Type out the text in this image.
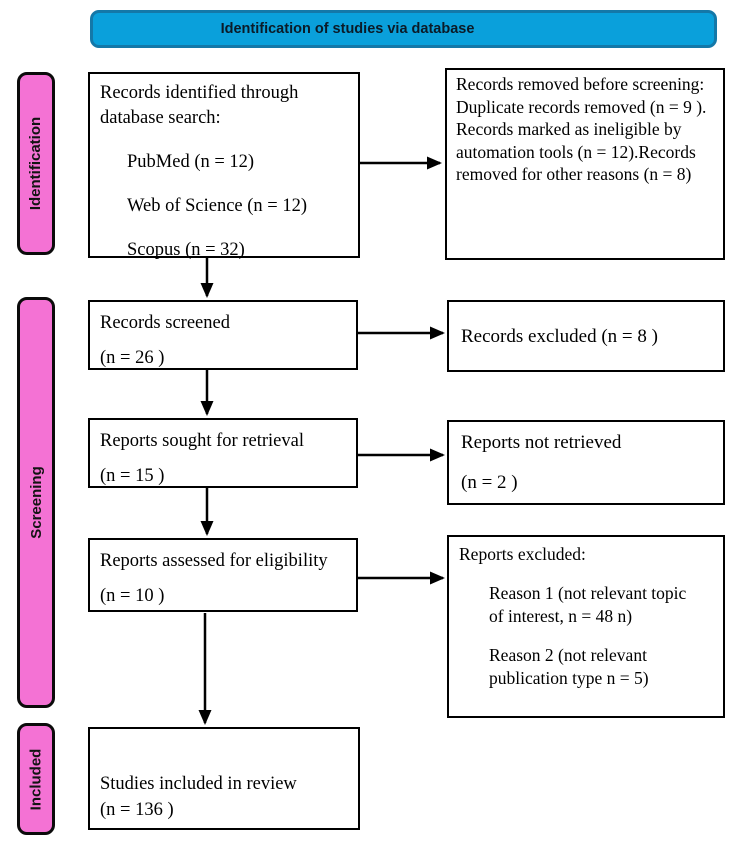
Identification of studies via database
Identification
Screening
Included
Records identified through database search:
PubMed (n = 12)
Web of Science (n = 12)
Scopus (n = 32)
Records screened
(n = 26 )
Reports sought for retrieval
(n = 15 )
Reports assessed for eligibility
(n = 10 )
Studies included in review
(n = 136 )
Records removed before screening:
Duplicate records removed (n = 9 ).
Records marked as ineligible by automation tools (n = 12).Records removed for other reasons (n = 8)
Records excluded (n = 8 )
Reports not retrieved
(n = 2 )
Reports excluded:
Reason 1 (not relevant topic of interest, n = 48 n)
Reason 2 (not relevant publication type n = 5)
